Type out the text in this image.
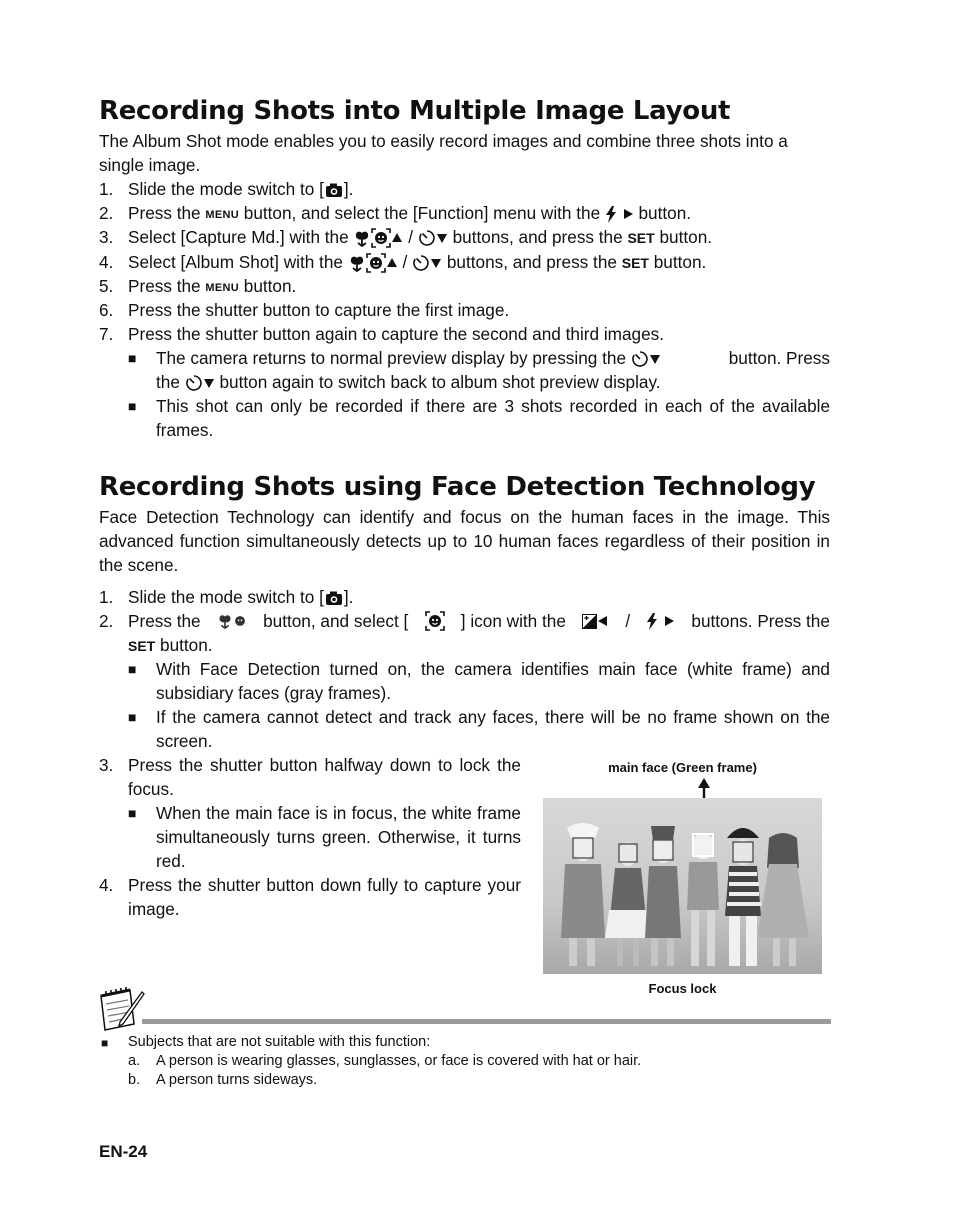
Recording Shots into Multiple Image Layout

The Album Shot mode enables you to easily record images and combine three shots into a single image.

1. Slide the mode switch to [ ].
2. Press the MENU button, and select the [Function] menu with the button.
3. Select [Capture Md.] with the	/ buttons, and press the SET button.
4. Select [Album Shot] with the	/ buttons, and press the SET button.
5. Press the MENU button.
6. Press the shutter button to capture the first image.
7. Press the shutter button again to capture the second and third images.
■ The camera returns to normal preview display by pressing the	button. Press
the button again to switch back to album shot preview display.
■ This shot can only be recorded if there are 3 shots recorded in each of the available frames.
Recording Shots using Face Detection Technology

Face Detection Technology can identify and focus on the human faces in the image. This advanced function simultaneously detects up to 10 human faces regardless of their position in the scene.

1. Slide the mode switch to [ ].
2. Press the	button, and select [	] icon with the	/
	buttons. Press the
SET button.
■ With Face Detection turned on, the camera identifies main face (white frame) and subsidiary faces (gray frames).
■ If the camera cannot detect and track any faces, there will be no frame shown on the screen.
3. Press the shutter button halfway down to lock the focus.
■ When the main face is in focus, the white frame simultaneously turns green. Otherwise, it turns red.
4. Press the shutter button down fully to capture your image.
main face (Green frame)
Focus lock
■ Subjects that are not suitable with this function:
a. A person is wearing glasses, sunglasses, or face is covered with hat or hair.
b. A person turns sideways.
EN-24
